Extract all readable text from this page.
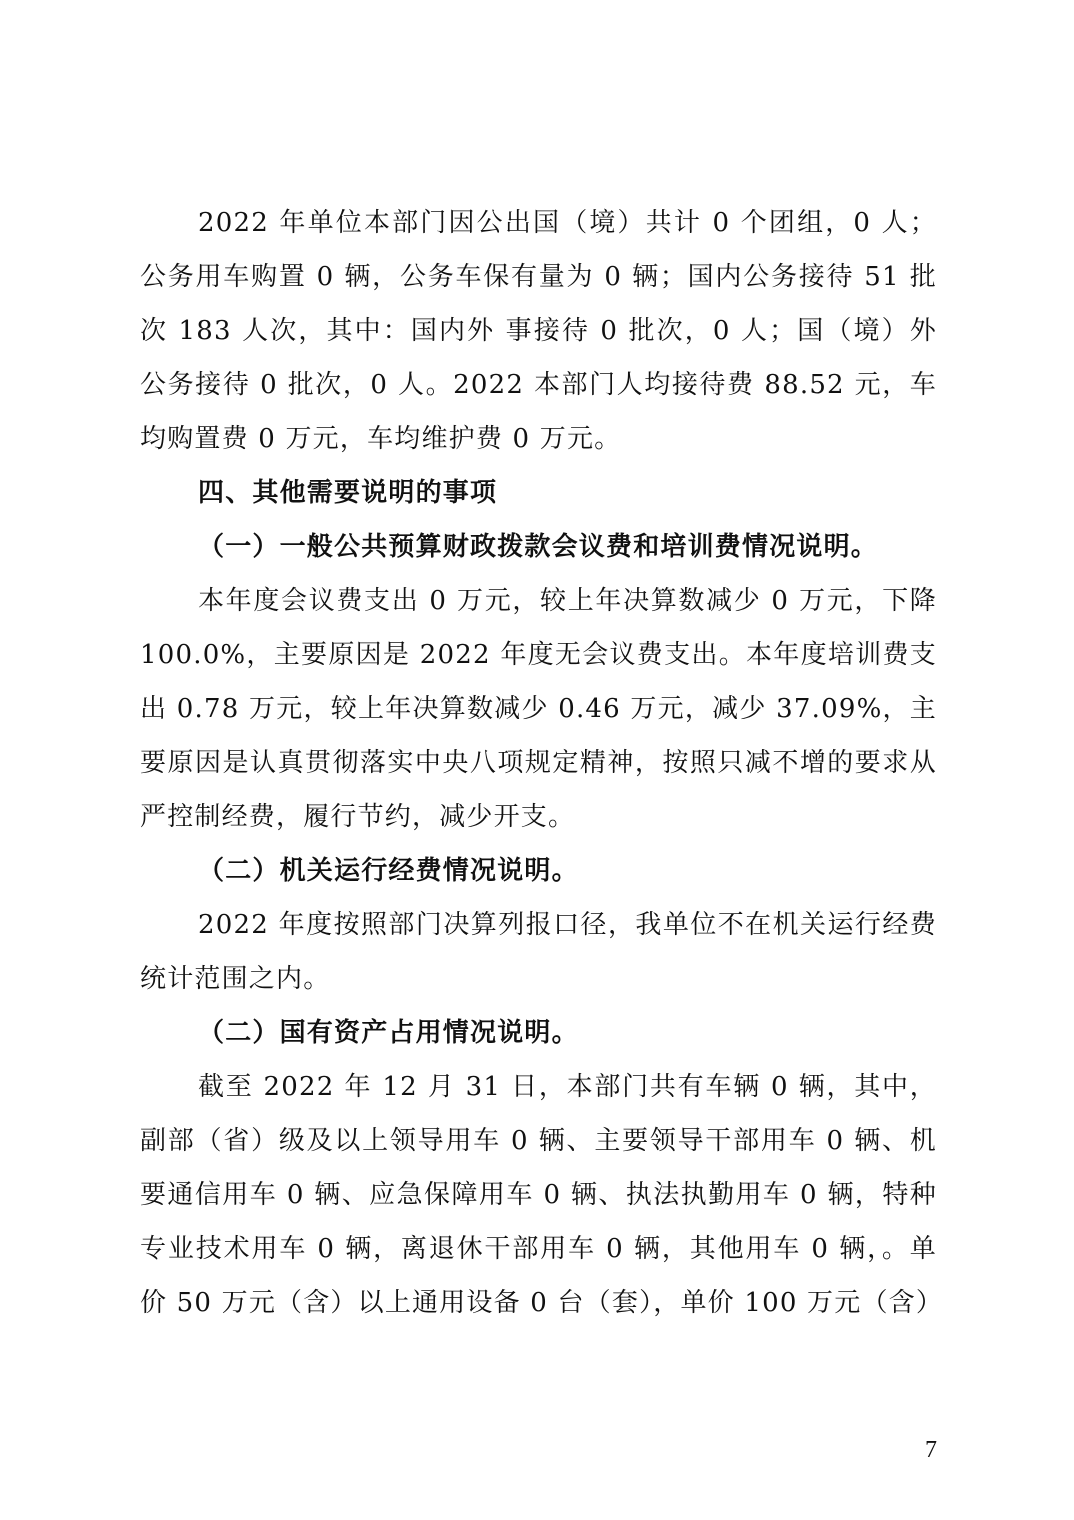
2022 年单位本部门因公出国（境）共计 0 个团组，0 人；公务用车购置 0 辆，公务车保有量为 0 辆；国内公务接待 51 批次 183 人次，其中：国内外 事接待 0 批次，0 人；国（境）外公务接待 0 批次，0 人。2022 本部门人均接待费 88.52 元，车均购置费 0 万元，车均维护费 0 万元。

四、其他需要说明的事项

（一）一般公共预算财政拨款会议费和培训费情况说明。

本年度会议费支出 0 万元，较上年决算数减少 0 万元，下降 100.0%，主要原因是 2022 年度无会议费支出。本年度培训费支出 0.78 万元，较上年决算数减少 0.46 万元，减少 37.09%，主要原因是认真贯彻落实中央八项规定精神，按照只减不增的要求从严控制经费，履行节约，减少开支。

（二）机关运行经费情况说明。

2022 年度按照部门决算列报口径，我单位不在机关运行经费统计范围之内。

（二）国有资产占用情况说明。

截至 2022 年 12 月 31 日，本部门共有车辆 0 辆，其中，副部（省）级及以上领导用车 0 辆、主要领导干部用车 0 辆、机要通信用车 0 辆、应急保障用车 0 辆、执法执勤用车 0 辆，特种专业技术用车 0 辆，离退休干部用车 0 辆，其他用车 0 辆，。单价 50 万元（含）以上通用设备 0 台（套），单价 100 万元（含）

7
